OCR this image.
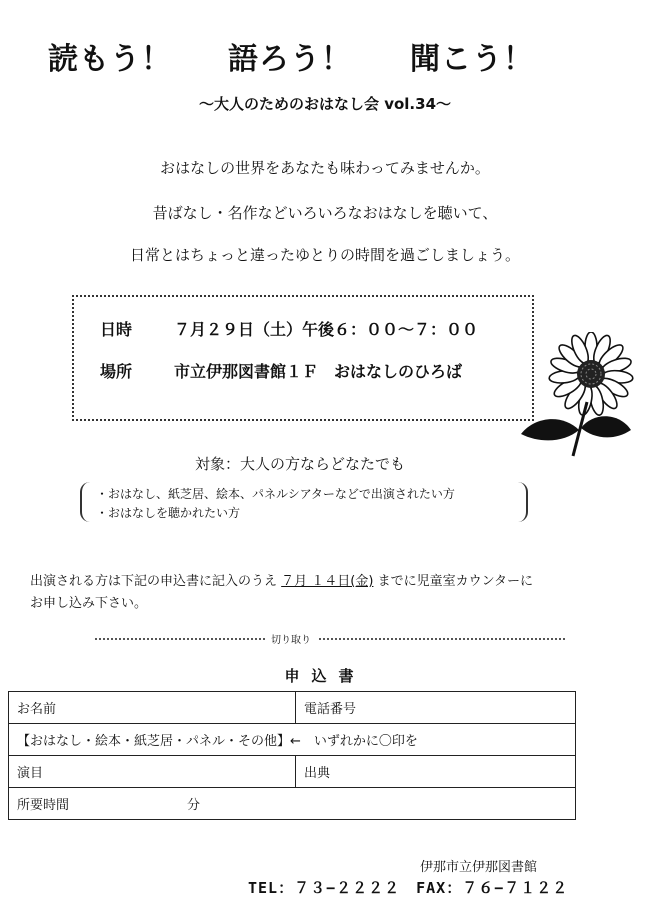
読もう！ 語ろう！ 聞こう！
〜大人のためのおはなし会 vol.34〜
おはなしの世界をあなたも味わってみませんか。
昔ばなし・名作などいろいろなおはなしを聴いて、
日常とはちょっと違ったゆとりの時間を過ごしましょう。
日時	７月２９日（土）午後６：００〜７：００
場所	市立伊那図書館１Ｆ　おはなしのひろば
対象：大人の方ならどなたでも
・おはなし、紙芝居、絵本、パネルシアターなどで出演されたい方
・おはなしを聴かれたい方
出演される方は下記の申込書に記入のうえ ７月 １４日(金) までに児童室カウンターに
お申し込み下さい。
切り取り
申込書
お名前	電話番号
【おはなし・絵本・紙芝居・パネル・その他】←　いずれかに〇印を	
演目	出典
所要時間 分	
伊那市立伊那図書館
TEL：７３−２２２２　FAX：７６−７１２２
